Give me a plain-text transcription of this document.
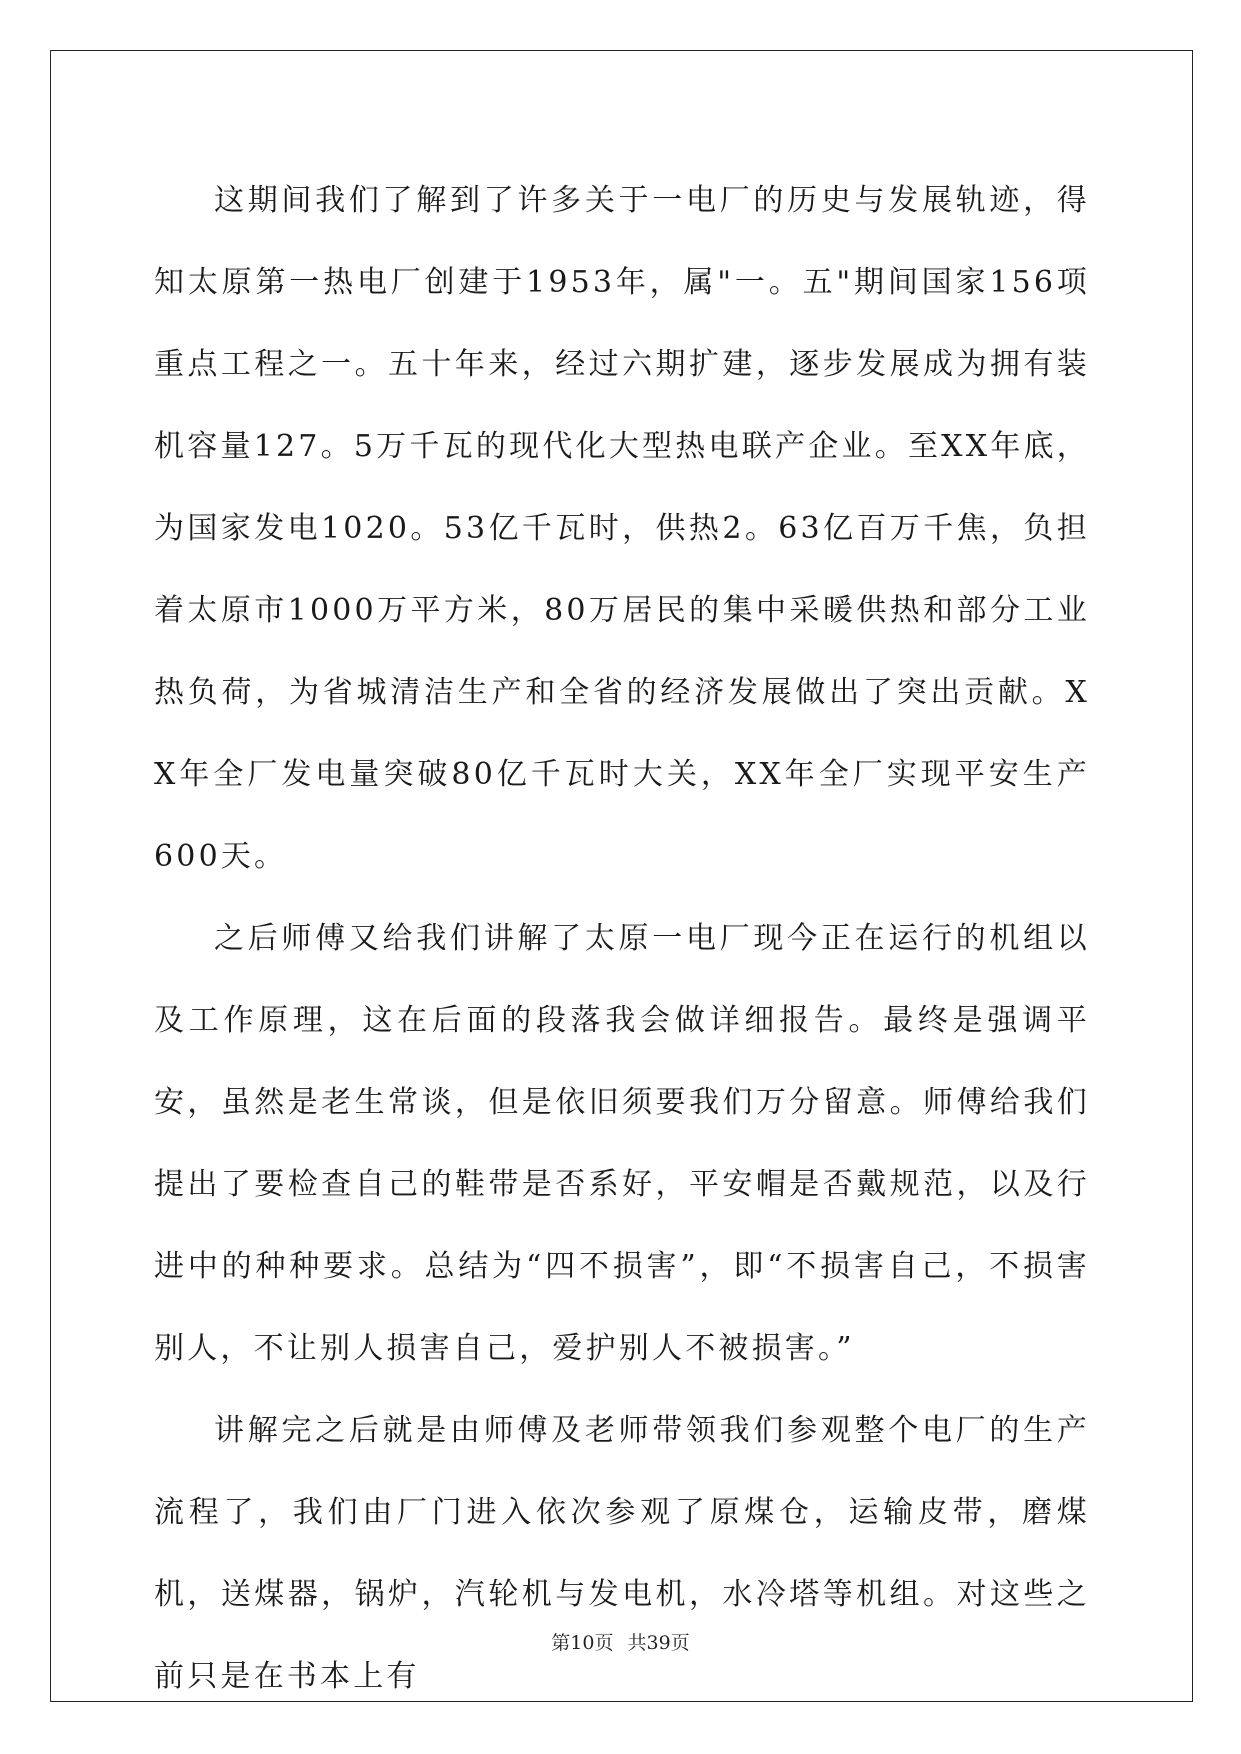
这期间我们了解到了许多关于一电厂的历史与发展轨迹，得知太原第一热电厂创建于1953年，属"一。五"期间国家156项重点工程之一。五十年来，经过六期扩建，逐步发展成为拥有装机容量127。5万千瓦的现代化大型热电联产企业。至XX年底，为国家发电1020。53亿千瓦时，供热2。63亿百万千焦，负担着太原市1000万平方米，80万居民的集中采暖供热和部分工业热负荷，为省城清洁生产和全省的经济发展做出了突出贡献。XX年全厂发电量突破80亿千瓦时大关，XX年全厂实现平安生产600天。

之后师傅又给我们讲解了太原一电厂现今正在运行的机组以及工作原理，这在后面的段落我会做详细报告。最终是强调平安，虽然是老生常谈，但是依旧须要我们万分留意。师傅给我们提出了要检查自己的鞋带是否系好，平安帽是否戴规范，以及行进中的种种要求。总结为“四不损害”，即“不损害自己，不损害别人，不让别人损害自己，爱护别人不被损害。”

讲解完之后就是由师傅及老师带领我们参观整个电厂的生产流程了，我们由厂门进入依次参观了原煤仓，运输皮带，磨煤机，送煤器，锅炉，汽轮机与发电机，水冷塔等机组。对这些之前只是在书本上有

第10页 共39页
